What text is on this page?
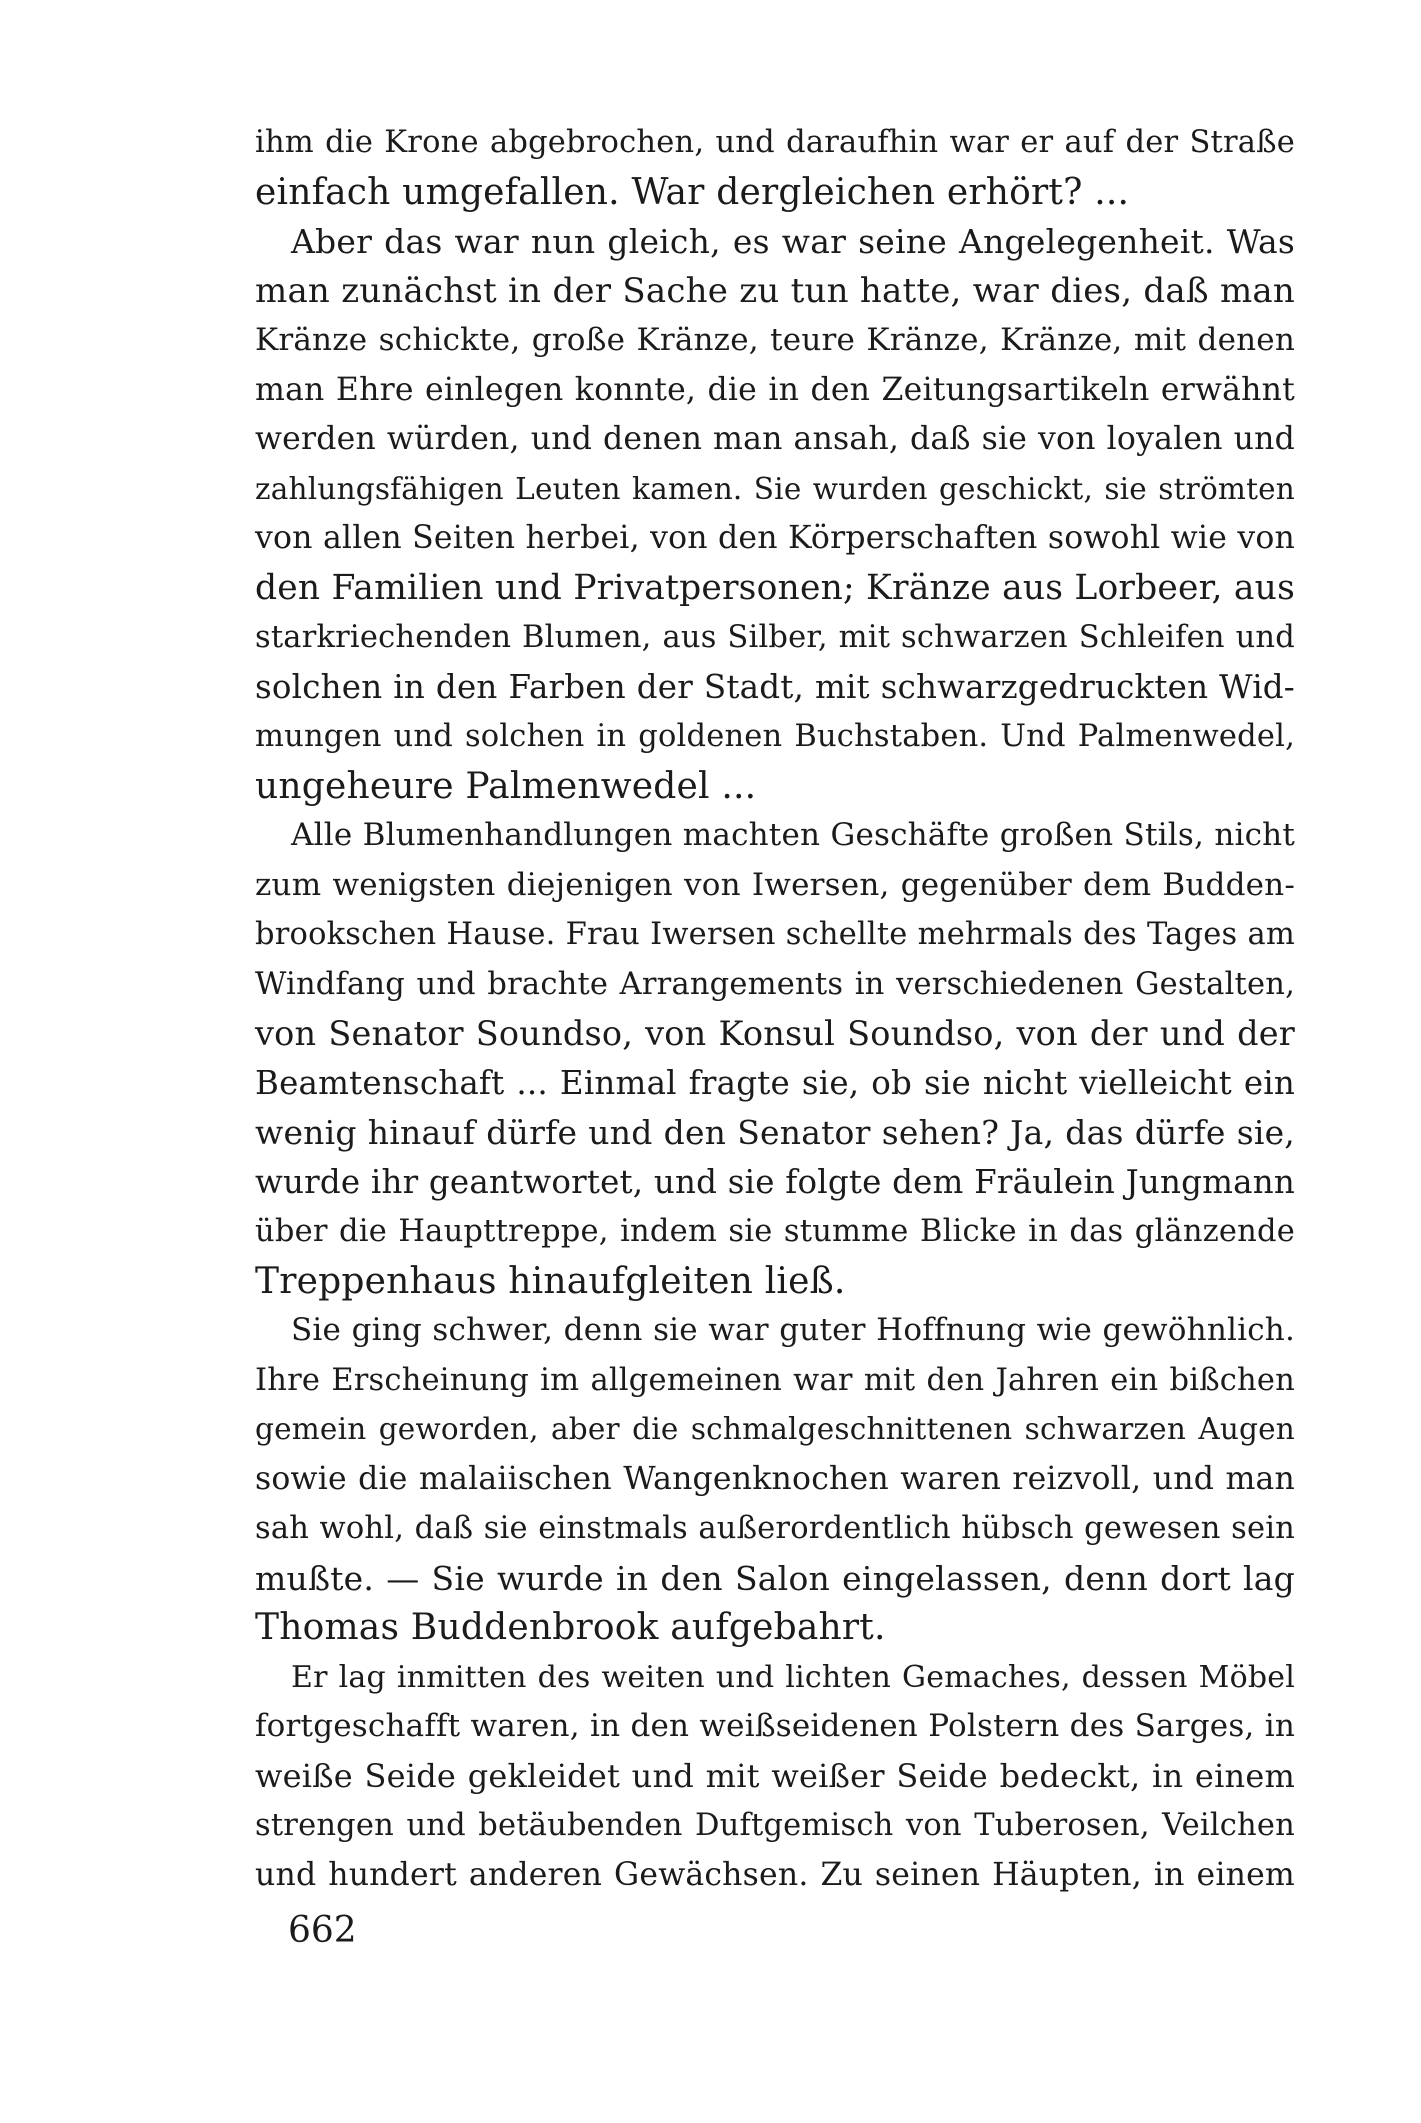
ihm die Krone abgebrochen, und daraufhin war er auf der Straße
einfach umgefallen. War dergleichen erhört? ...
Aber das war nun gleich, es war seine Angelegenheit. Was
man zunächst in der Sache zu tun hatte, war dies, daß man
Kränze schickte, große Kränze, teure Kränze, Kränze, mit denen
man Ehre einlegen konnte, die in den Zeitungsartikeln erwähnt
werden würden, und denen man ansah, daß sie von loyalen und
zahlungsfähigen Leuten kamen. Sie wurden geschickt, sie strömten
von allen Seiten herbei, von den Körperschaften sowohl wie von
den Familien und Privatpersonen; Kränze aus Lorbeer, aus
starkriechenden Blumen, aus Silber, mit schwarzen Schleifen und
solchen in den Farben der Stadt, mit schwarzgedruckten Wid-
mungen und solchen in goldenen Buchstaben. Und Palmenwedel,
ungeheure Palmenwedel ...
Alle Blumenhandlungen machten Geschäfte großen Stils, nicht
zum wenigsten diejenigen von Iwersen, gegenüber dem Budden-
brookschen Hause. Frau Iwersen schellte mehrmals des Tages am
Windfang und brachte Arrangements in verschiedenen Gestalten,
von Senator Soundso, von Konsul Soundso, von der und der
Beamtenschaft ... Einmal fragte sie, ob sie nicht vielleicht ein
wenig hinauf dürfe und den Senator sehen? Ja, das dürfe sie,
wurde ihr geantwortet, und sie folgte dem Fräulein Jungmann
über die Haupttreppe, indem sie stumme Blicke in das glänzende
Treppenhaus hinaufgleiten ließ.
Sie ging schwer, denn sie war guter Hoffnung wie gewöhnlich.
Ihre Erscheinung im allgemeinen war mit den Jahren ein bißchen
gemein geworden, aber die schmalgeschnittenen schwarzen Augen
sowie die malaiischen Wangenknochen waren reizvoll, und man
sah wohl, daß sie einstmals außerordentlich hübsch gewesen sein
mußte. — Sie wurde in den Salon eingelassen, denn dort lag
Thomas Buddenbrook aufgebahrt.
Er lag inmitten des weiten und lichten Gemaches, dessen Möbel
fortgeschafft waren, in den weißseidenen Polstern des Sarges, in
weiße Seide gekleidet und mit weißer Seide bedeckt, in einem
strengen und betäubenden Duftgemisch von Tuberosen, Veilchen
und hundert anderen Gewächsen. Zu seinen Häupten, in einem
662
